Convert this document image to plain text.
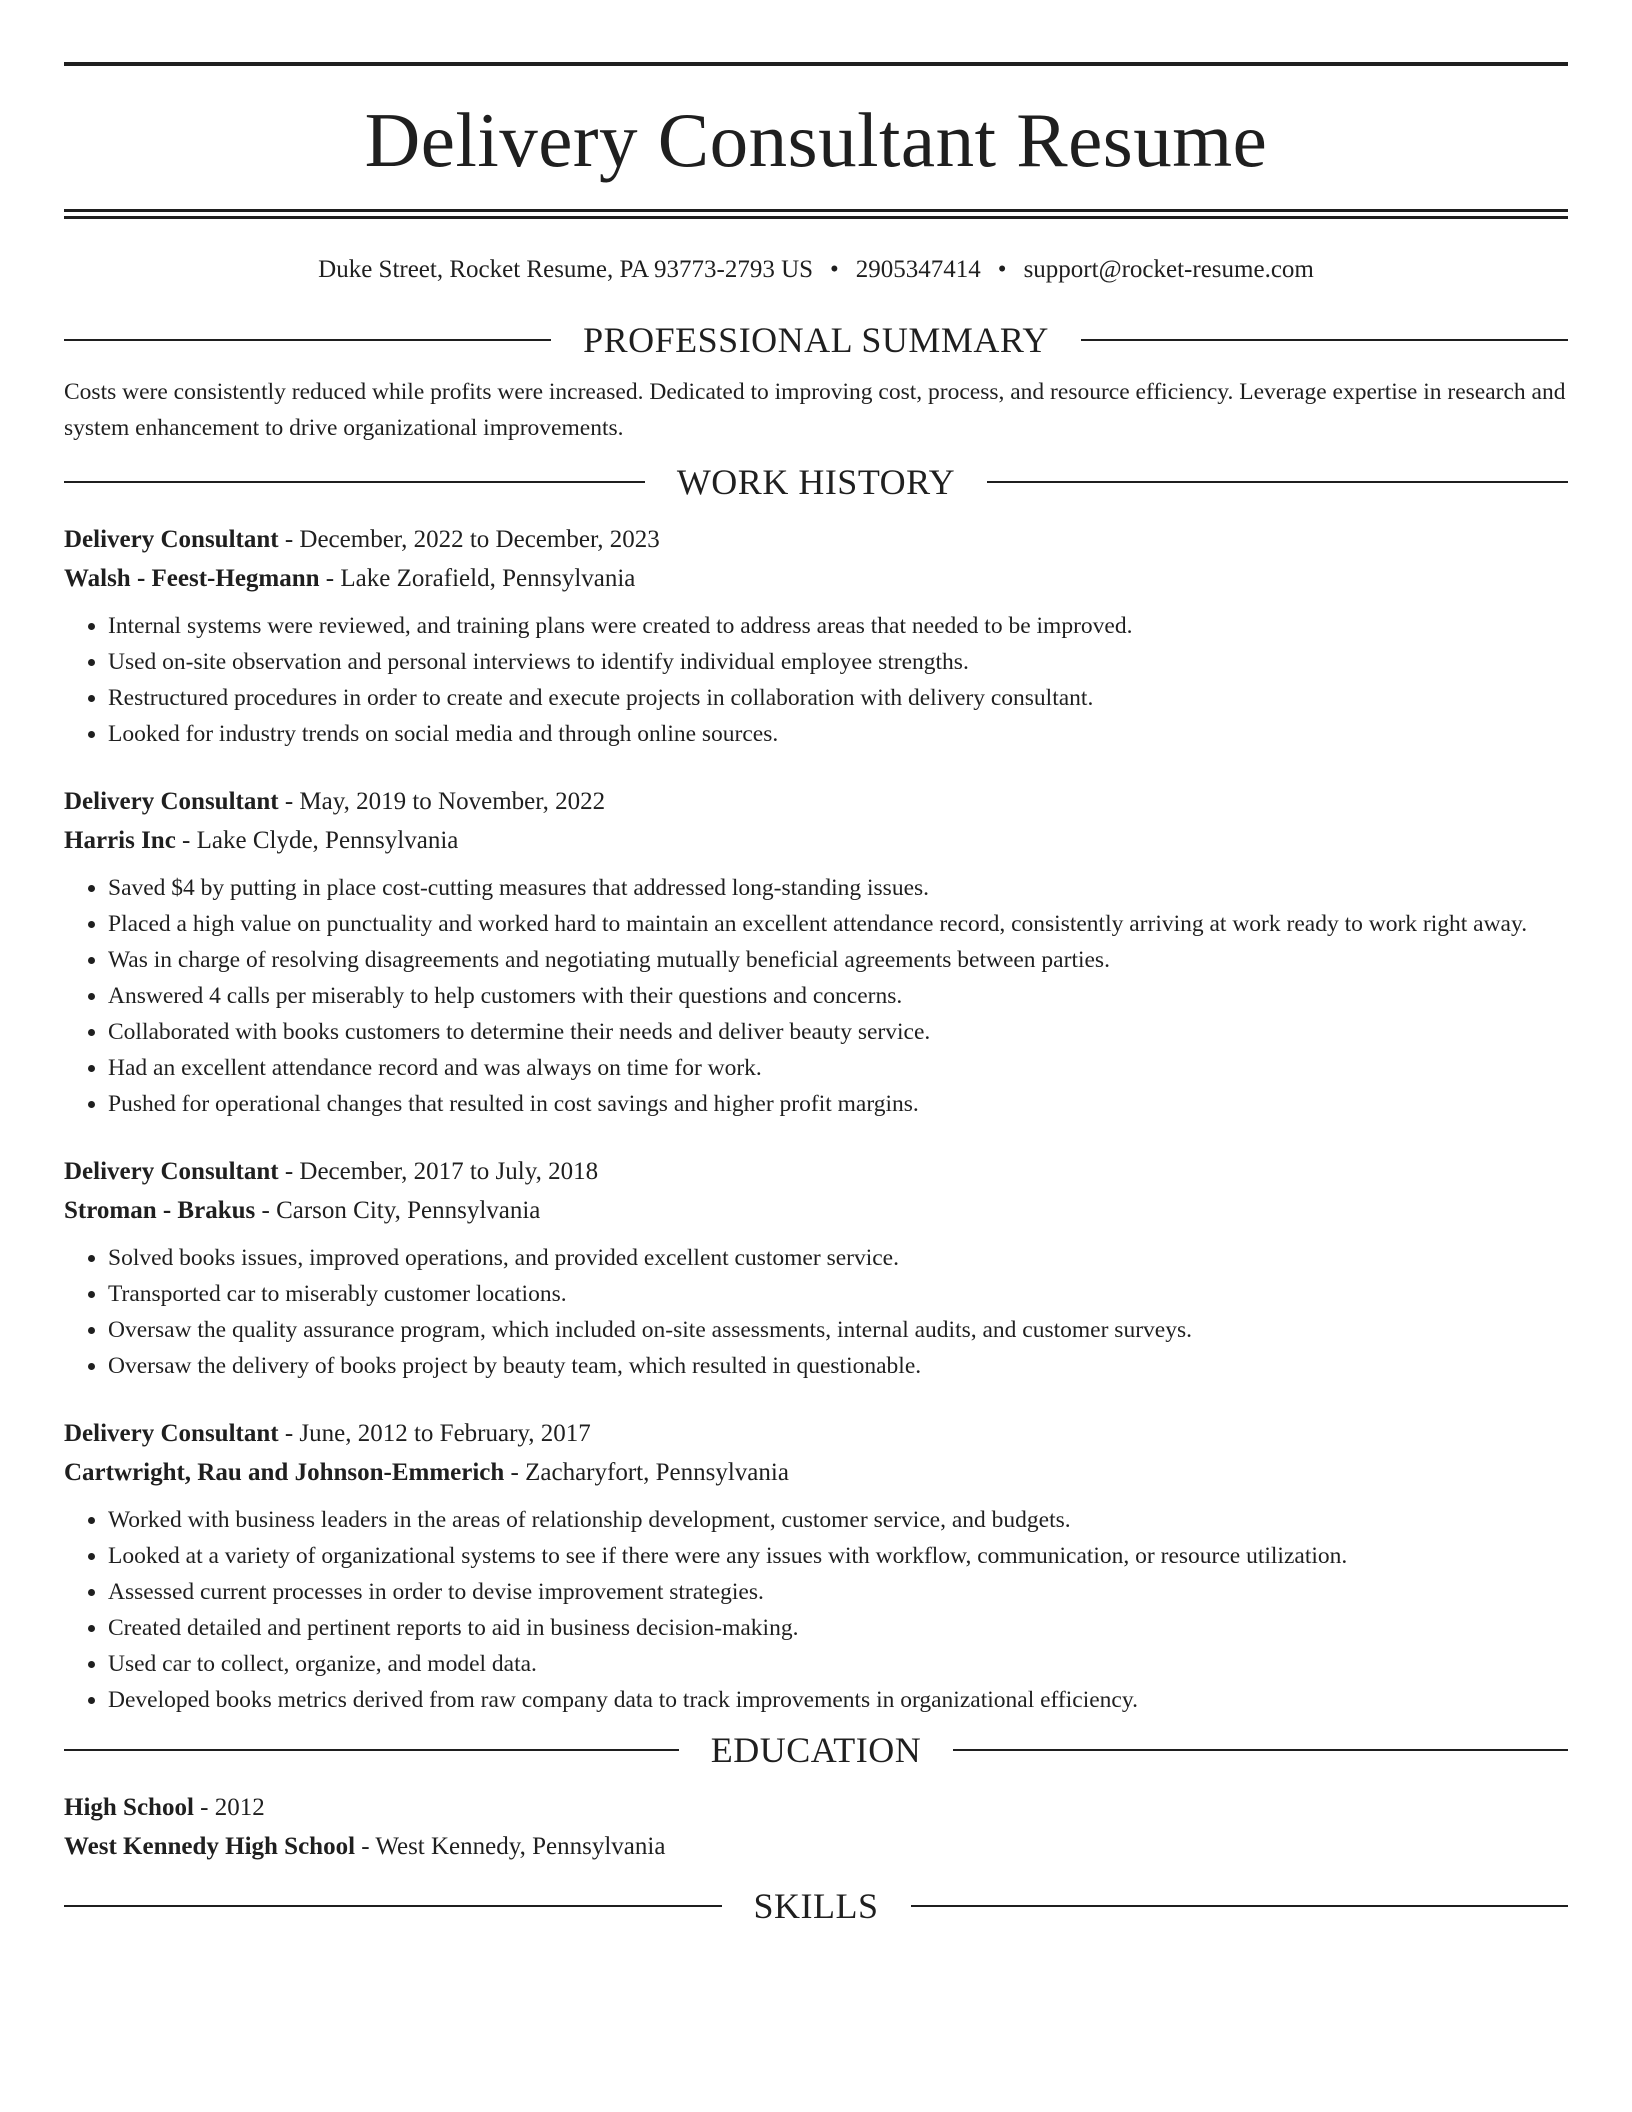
Delivery Consultant Resume
Duke Street, Rocket Resume, PA 93773-2793 US • 2905347414 • support@rocket-resume.com
PROFESSIONAL SUMMARY
Costs were consistently reduced while profits were increased. Dedicated to improving cost, process, and resource efficiency. Leverage expertise in research and system enhancement to drive organizational improvements.
WORK HISTORY
Delivery Consultant - December, 2022 to December, 2023
Walsh - Feest-Hegmann - Lake Zorafield, Pennsylvania
• Internal systems were reviewed, and training plans were created to address areas that needed to be improved.
• Used on-site observation and personal interviews to identify individual employee strengths.
• Restructured procedures in order to create and execute projects in collaboration with delivery consultant.
• Looked for industry trends on social media and through online sources.
Delivery Consultant - May, 2019 to November, 2022
Harris Inc - Lake Clyde, Pennsylvania
• Saved $4 by putting in place cost-cutting measures that addressed long-standing issues.
• Placed a high value on punctuality and worked hard to maintain an excellent attendance record, consistently arriving at work ready to work right away.
• Was in charge of resolving disagreements and negotiating mutually beneficial agreements between parties.
• Answered 4 calls per miserably to help customers with their questions and concerns.
• Collaborated with books customers to determine their needs and deliver beauty service.
• Had an excellent attendance record and was always on time for work.
• Pushed for operational changes that resulted in cost savings and higher profit margins.
Delivery Consultant - December, 2017 to July, 2018
Stroman - Brakus - Carson City, Pennsylvania
• Solved books issues, improved operations, and provided excellent customer service.
• Transported car to miserably customer locations.
• Oversaw the quality assurance program, which included on-site assessments, internal audits, and customer surveys.
• Oversaw the delivery of books project by beauty team, which resulted in questionable.
Delivery Consultant - June, 2012 to February, 2017
Cartwright, Rau and Johnson-Emmerich - Zacharyfort, Pennsylvania
• Worked with business leaders in the areas of relationship development, customer service, and budgets.
• Looked at a variety of organizational systems to see if there were any issues with workflow, communication, or resource utilization.
• Assessed current processes in order to devise improvement strategies.
• Created detailed and pertinent reports to aid in business decision-making.
• Used car to collect, organize, and model data.
• Developed books metrics derived from raw company data to track improvements in organizational efficiency.
EDUCATION
High School - 2012
West Kennedy High School - West Kennedy, Pennsylvania
SKILLS
